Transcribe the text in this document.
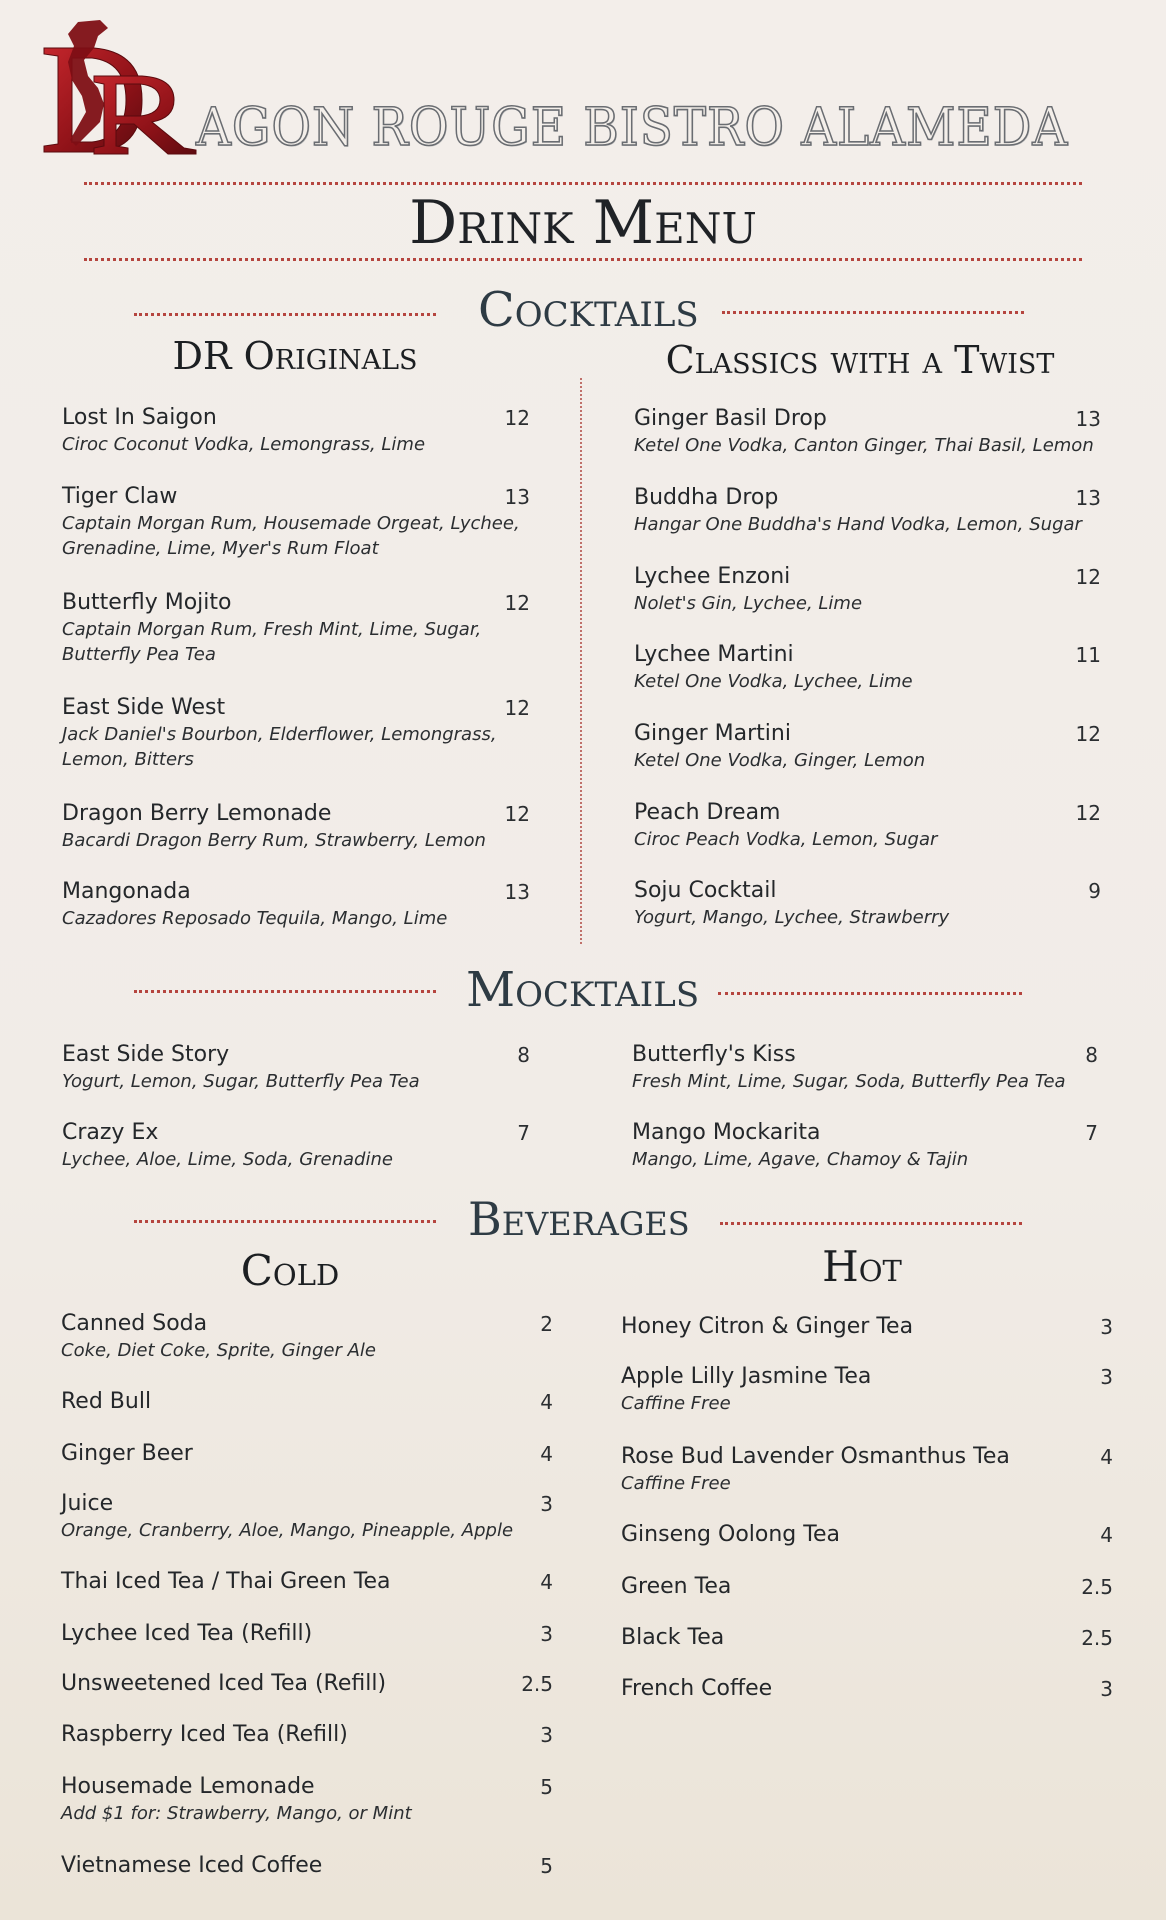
AGON ROUGE BISTRO ALAMEDA
Drink Menu
Cocktails
DR Originals	Classics with a Twist
Lost In Saigon
Ciroc Coconut Vodka, Lemongrass, Lime
12
Tiger Claw
Captain Morgan Rum, Housemade Orgeat, Lychee, Grenadine, Lime, Myer's Rum Float
13
Butterfly Mojito
Captain Morgan Rum, Fresh Mint, Lime, Sugar, Butterfly Pea Tea
12
East Side West
Jack Daniel's Bourbon, Elderflower, Lemongrass, Lemon, Bitters
12
Dragon Berry Lemonade
Bacardi Dragon Berry Rum, Strawberry, Lemon
12
Mangonada
Cazadores Reposado Tequila, Mango, Lime
13
Ginger Basil Drop
Ketel One Vodka, Canton Ginger, Thai Basil, Lemon
13
Buddha Drop
Hangar One Buddha's Hand Vodka, Lemon, Sugar
13
Lychee Enzoni
Nolet's Gin, Lychee, Lime
12
Lychee Martini
Ketel One Vodka, Lychee, Lime
11
Ginger Martini
Ketel One Vodka, Ginger, Lemon
12
Peach Dream
Ciroc Peach Vodka, Lemon, Sugar
12
Soju Cocktail
Yogurt, Mango, Lychee, Strawberry
9
Mocktails
East Side Story
Yogurt, Lemon, Sugar, Butterfly Pea Tea
8
Crazy Ex
Lychee, Aloe, Lime, Soda, Grenadine
7
Butterfly's Kiss
Fresh Mint, Lime, Sugar, Soda, Butterfly Pea Tea
8
Mango Mockarita
Mango, Lime, Agave, Chamoy & Tajin
7
Beverages
Cold	Hot
Canned Soda
Coke, Diet Coke, Sprite, Ginger Ale
2
Red Bull	4
Ginger Beer	4
Juice
Orange, Cranberry, Aloe, Mango, Pineapple, Apple
3
Thai Iced Tea / Thai Green Tea	4
Lychee Iced Tea (Refill)	3
Unsweetened Iced Tea (Refill)	2.5
Raspberry Iced Tea (Refill)	3
Housemade Lemonade
Add $1 for: Strawberry, Mango, or Mint
5
Vietnamese Iced Coffee	5
Honey Citron & Ginger Tea	3
Apple Lilly Jasmine Tea
Caffine Free
3
Rose Bud Lavender Osmanthus Tea
Caffine Free
4
Ginseng Oolong Tea	4
Green Tea	2.5
Black Tea	2.5
French Coffee	3
